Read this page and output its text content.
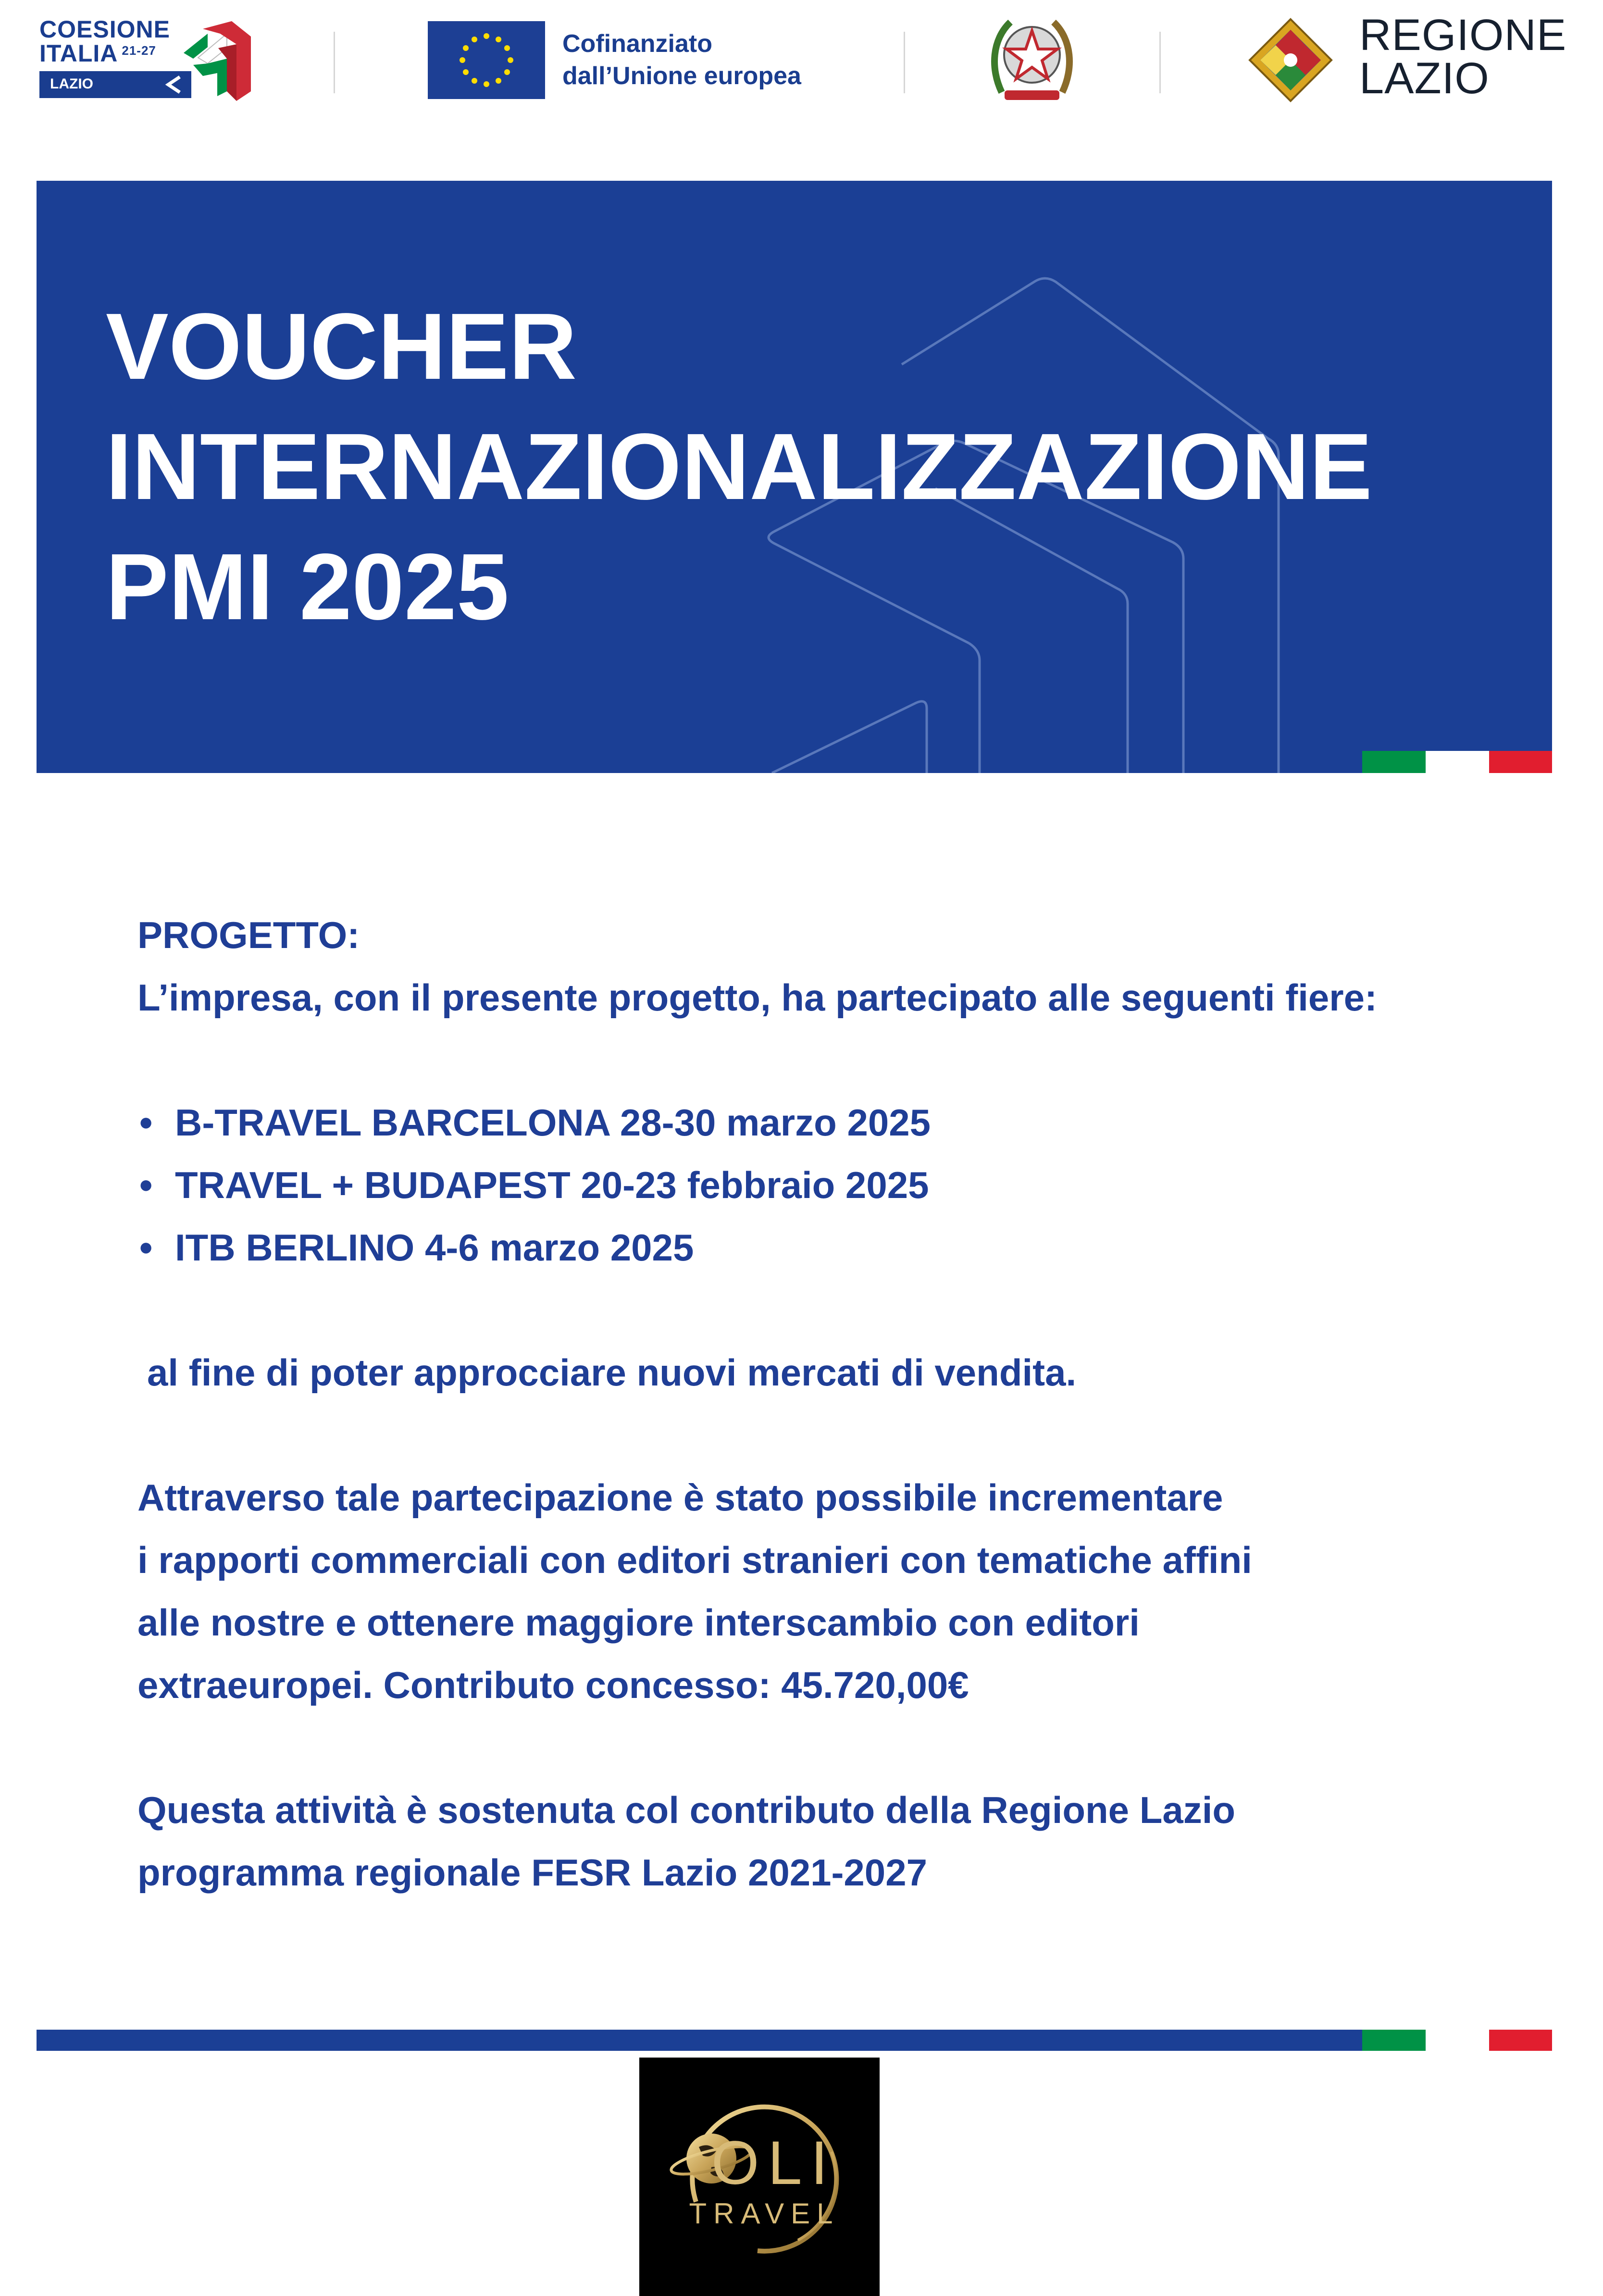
COESIONE
ITALIA $^{21-27}$
LAZIO
Cofinanziato
dall’Unione europea
REGIONE
LAZIO
VOUCHER
INTERNAZIONALIZZAZIONE
PMI 2025

PROGETTO:

L’impresa, con il presente progetto, ha partecipato alle seguenti fiere:

• B-TRAVEL BARCELONA 28-30 marzo 2025

• TRAVEL + BUDAPEST 20-23 febbraio 2025

• ITB BERLINO 4-6 marzo 2025

al fine di poter approcciare nuovi mercati di vendita.

Attraverso tale partecipazione è stato possibile incrementare

i rapporti commerciali con editori stranieri con tematiche affini

alle nostre e ottenere maggiore interscambio con editori

extraeuropei. Contributo concesso: 45.720,00€

Questa attività è sostenuta col contributo della Regione Lazio

programma regionale FESR Lazio 2021-2027

OLI
TRAVEL
